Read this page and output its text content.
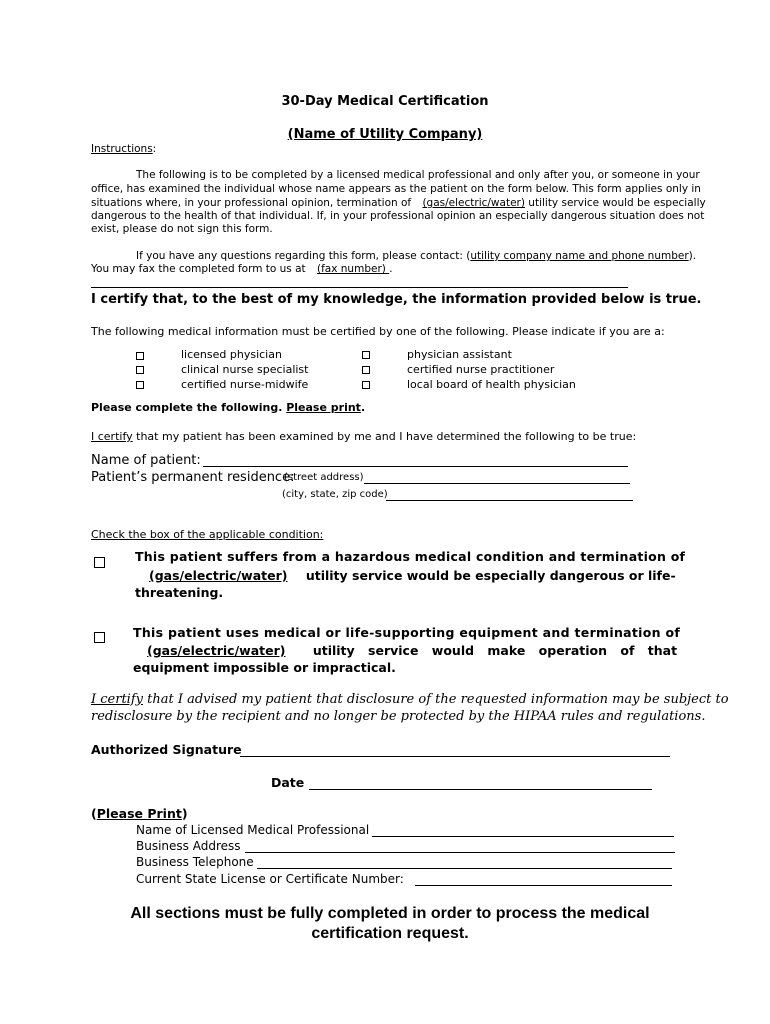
30-Day Medical Certification
(Name of Utility Company)
Instructions:
The following is to be completed by a licensed medical professional and only after you, or someone in your
office, has examined the individual whose name appears as the patient on the form below. This form applies only in
situations where, in your professional opinion, termination of (gas/electric/water) utility service would be especially
dangerous to the health of that individual. If, in your professional opinion an especially dangerous situation does not
exist, please do not sign this form.
If you have any questions regarding this form, please contact: (utility company name and phone number).
You may fax the completed form to us at (fax number) .
I certify that, to the best of my knowledge, the information provided below is true.
The following medical information must be certified by one of the following. Please indicate if you are a:
licensed physician
clinical nurse specialist
certified nurse-midwife
physician assistant
certified nurse practitioner
local board of health physician
Please complete the following. Please print.
I certify that my patient has been examined by me and I have determined the following to be true:
Name of patient:
Patient’s permanent residence:
(street address)
(city, state, zip code)
Check the box of the applicable condition:
This patient suffers from a hazardous medical condition and termination of
(gas/electric/water) utility service would be especially dangerous or life-
threatening.
This patient uses medical or life-supporting equipment and termination of
(gas/electric/water) utility service would make operation of that
equipment impossible or impractical.
I certify that I advised my patient that disclosure of the requested information may be subject to
redisclosure by the recipient and no longer be protected by the HIPAA rules and regulations.
Authorized Signature
Date
(Please Print)
Name of Licensed Medical Professional
Business Address
Business Telephone
Current State License or Certificate Number:
All sections must be fully completed in order to process the medical
certification request.
